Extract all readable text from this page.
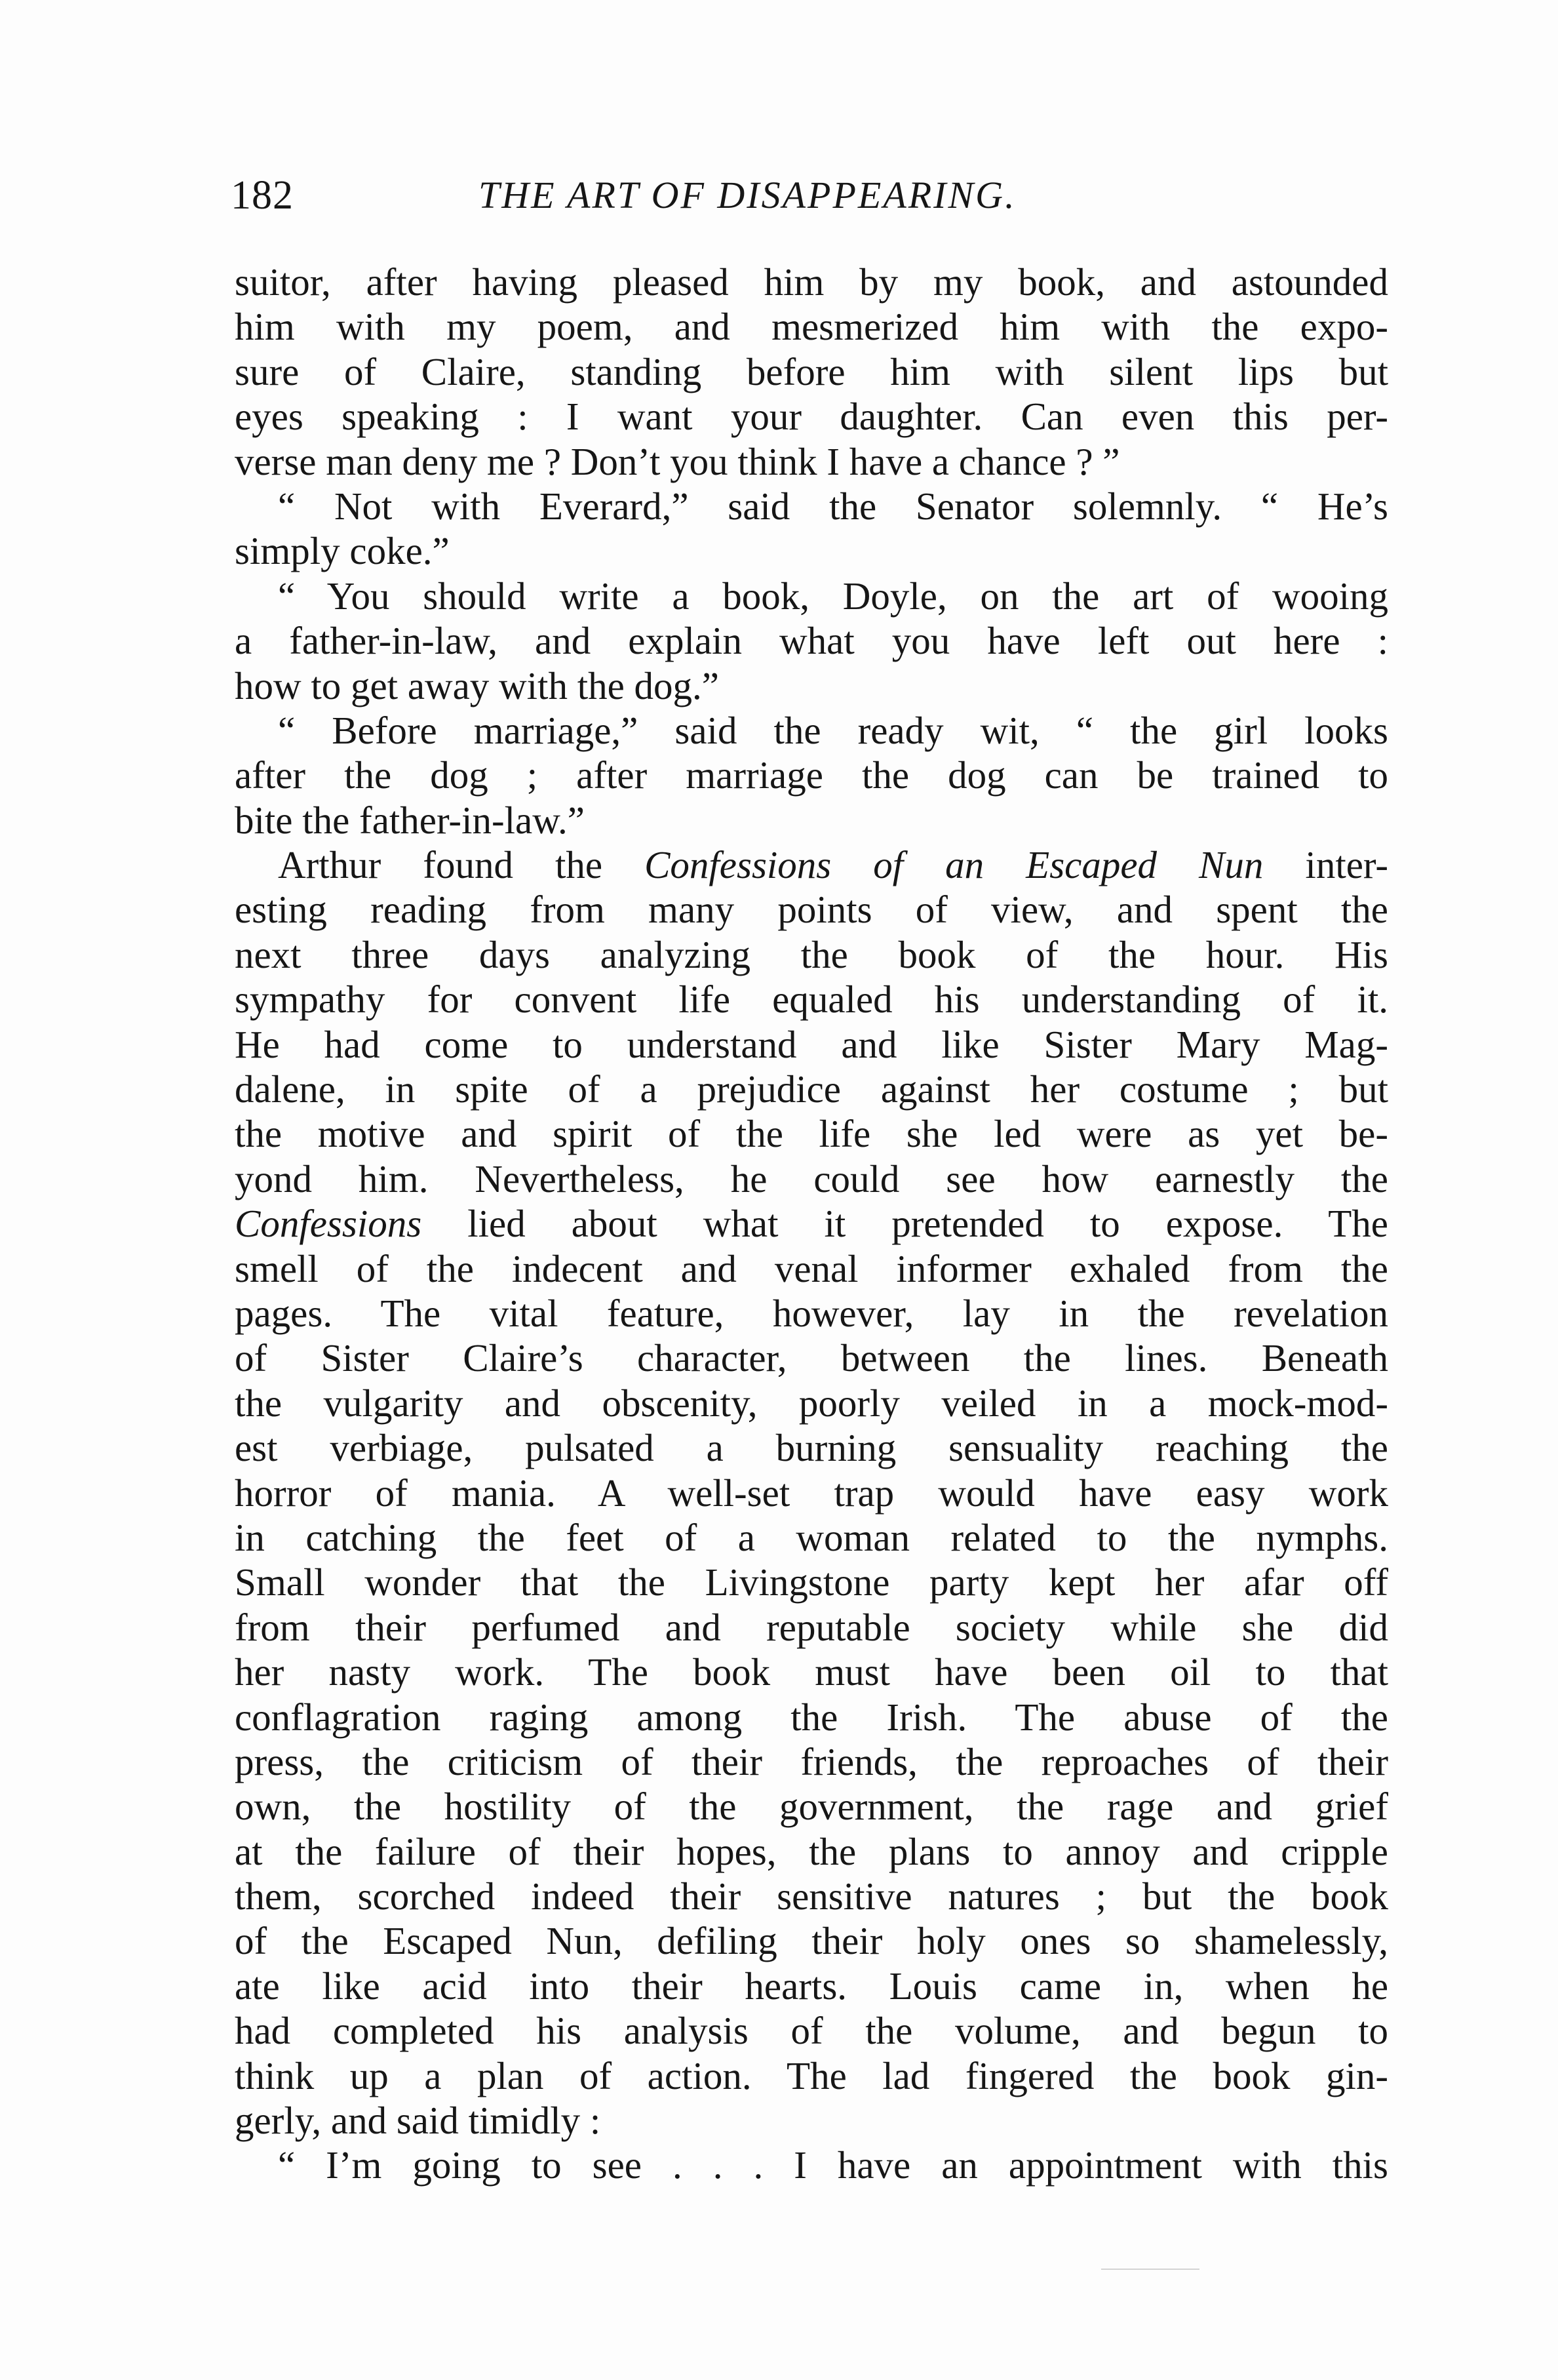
182	THE ART OF DISAPPEARING.
suitor, after having pleased him by my book, and astounded
him with my poem, and mesmerized him with the expo-
sure of Claire, standing before him with silent lips but
eyes speaking : I want your daughter. Can even this per-
verse man deny me ? Don’t you think I have a chance ? ”
“ Not with Everard,” said the Senator solemnly. “ He’s
simply coke.”
“ You should write a book, Doyle, on the art of wooing
a father-in-law, and explain what you have left out here :
how to get away with the dog.”
“ Before marriage,” said the ready wit, “ the girl looks
after the dog ; after marriage the dog can be trained to
bite the father-in-law.”
Arthur found the Confessions of an Escaped Nun inter-
esting reading from many points of view, and spent the
next three days analyzing the book of the hour. His
sympathy for convent life equaled his understanding of it.
He had come to understand and like Sister Mary Mag-
dalene, in spite of a prejudice against her costume ; but
the motive and spirit of the life she led were as yet be-
yond him. Nevertheless, he could see how earnestly the
Confessions lied about what it pretended to expose. The
smell of the indecent and venal informer exhaled from the
pages. The vital feature, however, lay in the revelation
of Sister Claire’s character, between the lines. Beneath
the vulgarity and obscenity, poorly veiled in a mock-mod-
est verbiage, pulsated a burning sensuality reaching the
horror of mania. A well-set trap would have easy work
in catching the feet of a woman related to the nymphs.
Small wonder that the Livingstone party kept her afar off
from their perfumed and reputable society while she did
her nasty work. The book must have been oil to that
conflagration raging among the Irish. The abuse of the
press, the criticism of their friends, the reproaches of their
own, the hostility of the government, the rage and grief
at the failure of their hopes, the plans to annoy and cripple
them, scorched indeed their sensitive natures ; but the book
of the Escaped Nun, defiling their holy ones so shamelessly,
ate like acid into their hearts. Louis came in, when he
had completed his analysis of the volume, and begun to
think up a plan of action. The lad fingered the book gin-
gerly, and said timidly :
“ I’m going to see . . . I have an appointment with this
